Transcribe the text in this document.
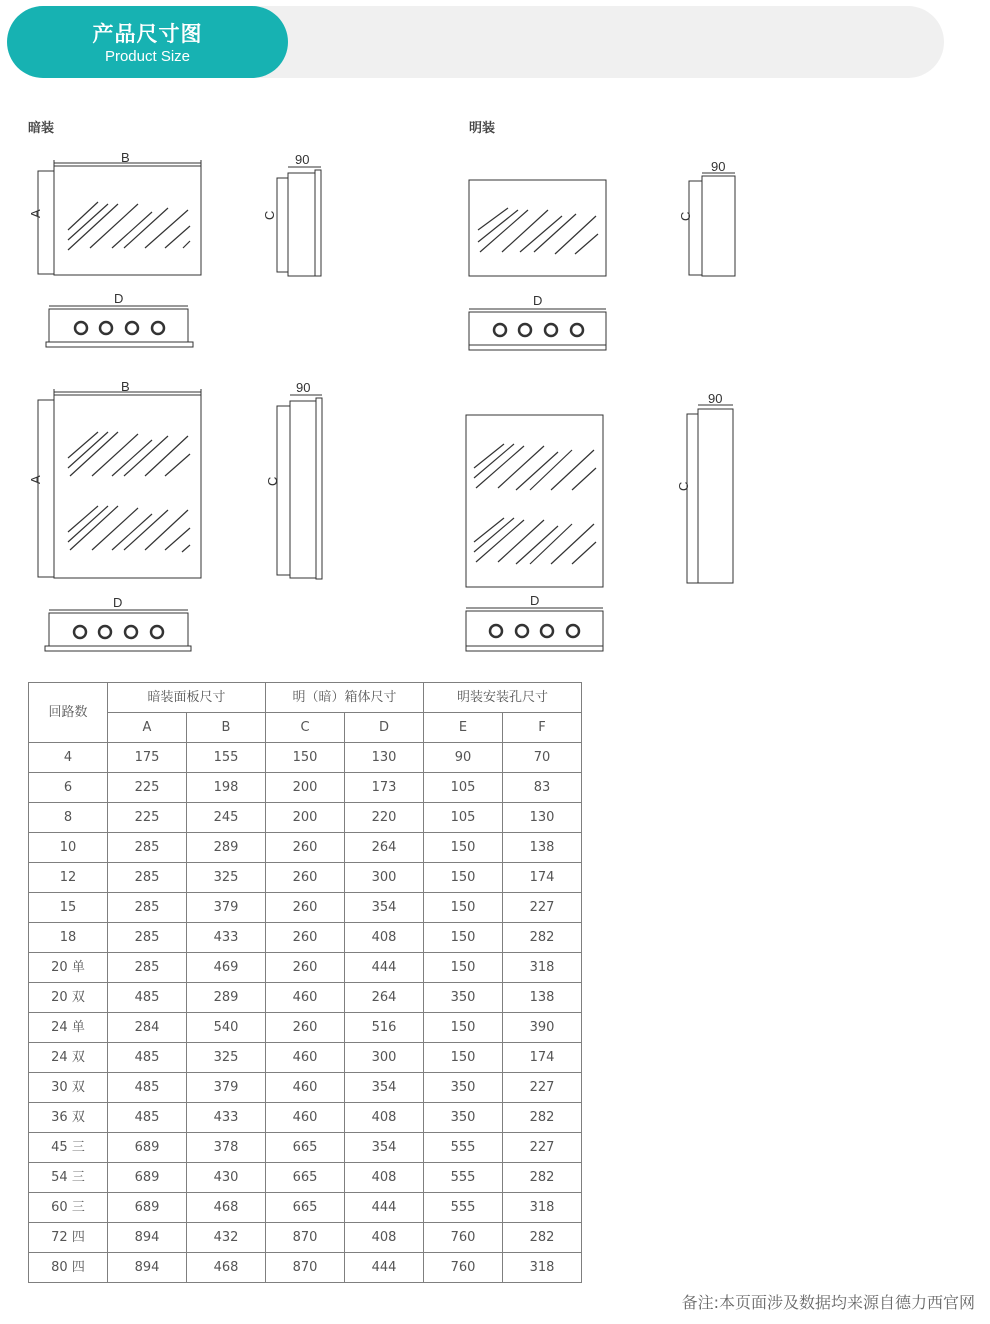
产品尺寸图
Product Size
暗装	明装
B
A
90
C
D
B
A
90
C
D
90
C
D
90
C
D
回路数	暗装面板尺寸		明（暗）箱体尺寸		明装安装孔尺寸	
	A	B	C	D	E	F
4	175	155	150	130	90	70
6	225	198	200	173	105	83
8	225	245	200	220	105	130
10	285	289	260	264	150	138
12	285	325	260	300	150	174
15	285	379	260	354	150	227
18	285	433	260	408	150	282
20 单	285	469	260	444	150	318
20 双	485	289	460	264	350	138
24 单	284	540	260	516	150	390
24 双	485	325	460	300	150	174
30 双	485	379	460	354	350	227
36 双	485	433	460	408	350	282
45 三	689	378	665	354	555	227
54 三	689	430	665	408	555	282
60 三	689	468	665	444	555	318
72 四	894	432	870	408	760	282
80 四	894	468	870	444	760	318
备注:本页面涉及数据均来源自德力西官网
